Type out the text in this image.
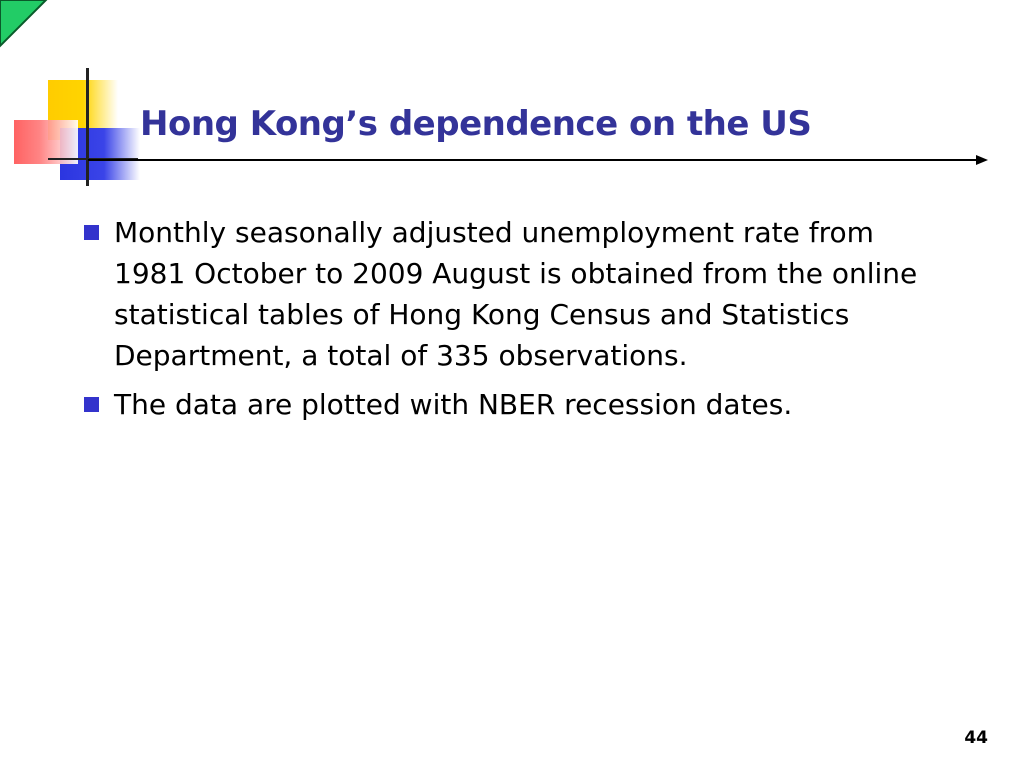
Hong Kong’s dependence on the US
Monthly seasonally adjusted unemployment rate from 1981 October to 2009 August is obtained from the online statistical tables of Hong Kong Census and Statistics Department, a total of 335 observations.
The data are plotted with NBER recession dates.
44
